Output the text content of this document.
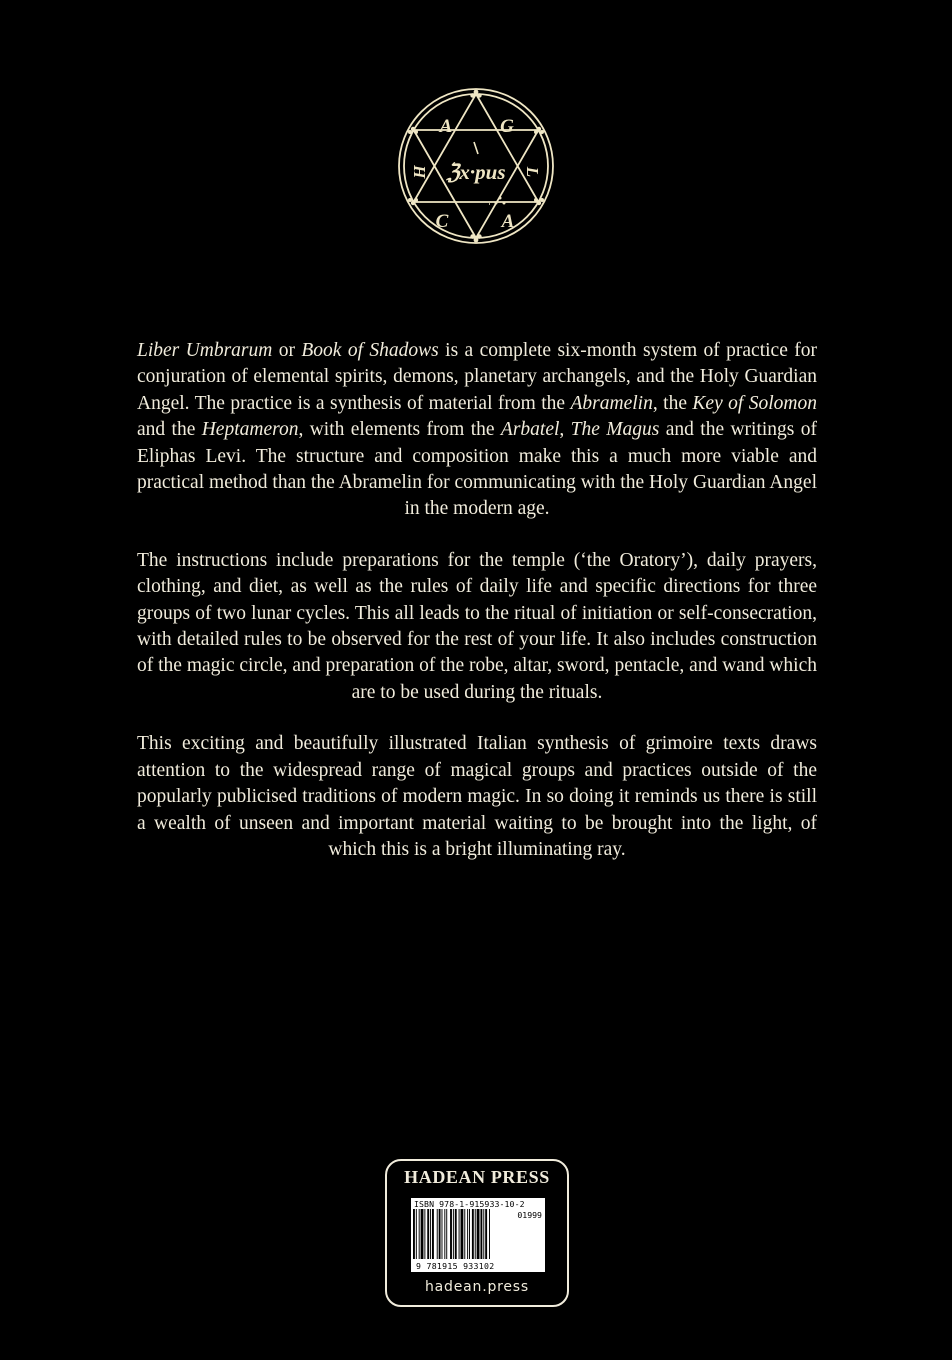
A	G
L
A
C
H ℨx·pus

Liber Umbrarum or Book of Shadows is a complete six-month system of practice for conjuration of elemental spirits, demons, planetary archangels, and the Holy Guardian Angel. The practice is a synthesis of material from the Abramelin, the Key of Solomon and the Heptameron, with elements from the Arbatel, The Magus and the writings of Eliphas Levi. The structure and composition make this a much more viable and practical method than the Abramelin for communicating with the Holy Guardian Angel in the modern age.

The instructions include preparations for the temple (‘the Oratory’), daily prayers, clothing, and diet, as well as the rules of daily life and specific directions for three groups of two lunar cycles. This all leads to the ritual of initiation or self-consecration, with detailed rules to be observed for the rest of your life. It also includes construction of the magic circle, and preparation of the robe, altar, sword, pentacle, and wand which are to be used during the rituals.

This exciting and beautifully illustrated Italian synthesis of grimoire texts draws attention to the widespread range of magical groups and practices outside of the popularly publicised traditions of modern magic. In so doing it reminds us there is still a wealth of unseen and important material waiting to be brought into the light, of which this is a bright illuminating ray.

HADEAN PRESS
ISBN 978-1-915933-10-2
01999
9 781915 933102
hadean.press
